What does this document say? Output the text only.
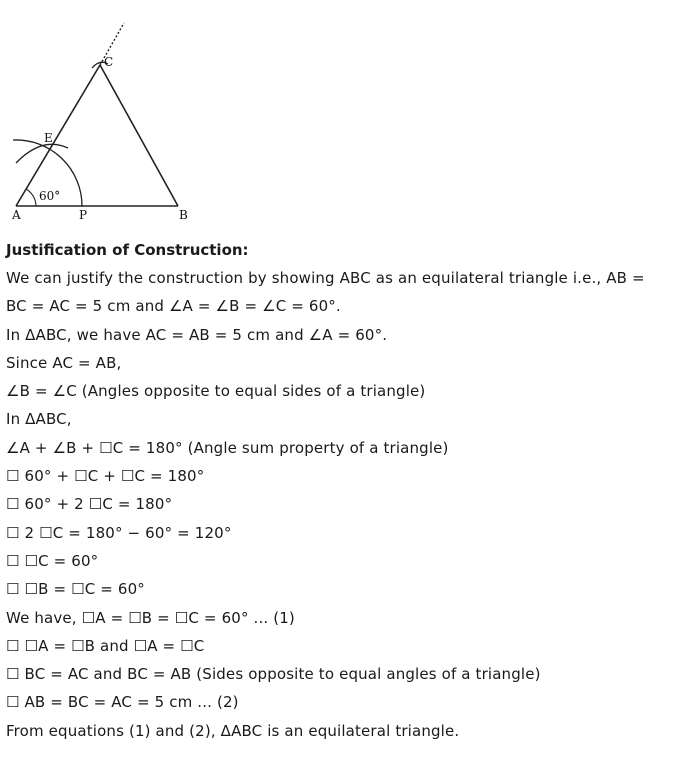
A	B
C
E
P
60°

Justification of Construction:

We can justify the construction by showing ABC as an equilateral triangle i.e., AB =

BC = AC = 5 cm and ∠A = ∠B = ∠C = 60°.

In ΔABC, we have AC = AB = 5 cm and ∠A = 60°.

Since AC = AB,

∠B = ∠C (Angles opposite to equal sides of a triangle)

In ΔABC,

∠A + ∠B + ☐C = 180° (Angle sum property of a triangle)

☐ 60° + ☐C + ☐C = 180°

☐ 60° + 2 ☐C = 180°

☐ 2 ☐C = 180° − 60° = 120°

☐ ☐C = 60°

☐ ☐B = ☐C = 60°

We have, ☐A = ☐B = ☐C = 60° ... (1)

☐ ☐A = ☐B and ☐A = ☐C

☐ BC = AC and BC = AB (Sides opposite to equal angles of a triangle)

☐ AB = BC = AC = 5 cm ... (2)

From equations (1) and (2), ΔABC is an equilateral triangle.
